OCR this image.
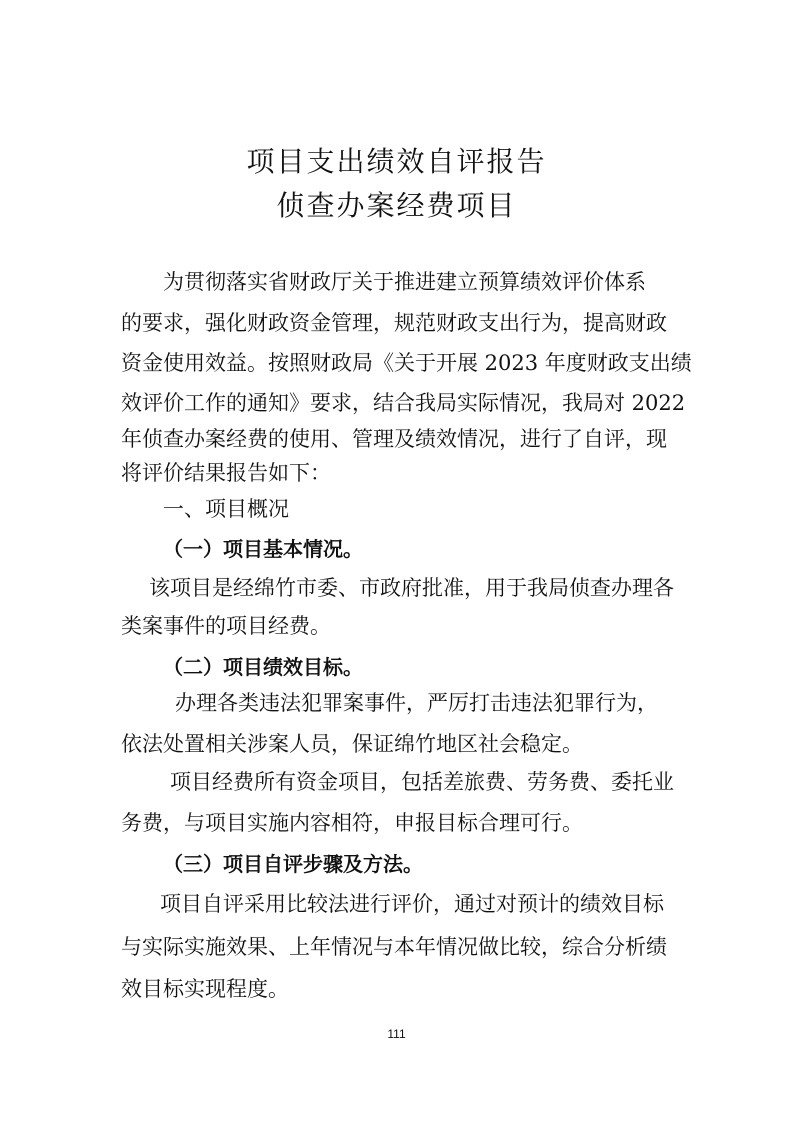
项目支出绩效自评报告
侦查办案经费项目

为贯彻落实省财政厅关于推进建立预算绩效评价体系

的要求，强化财政资金管理，规范财政支出行为，提高财政

资金使用效益。按照财政局《关于开展 2023 年度财政支出绩

效评价工作的通知》要求，结合我局实际情况，我局对 2022

年侦查办案经费的使用、管理及绩效情况，进行了自评，现

将评价结果报告如下：

一、项目概况

（一）项目基本情况。

该项目是经绵竹市委、市政府批准，用于我局侦查办理各

类案事件的项目经费。

（二）项目绩效目标。

办理各类违法犯罪案事件，严厉打击违法犯罪行为，

依法处置相关涉案人员，保证绵竹地区社会稳定。

项目经费所有资金项目，包括差旅费、劳务费、委托业

务费，与项目实施内容相符，申报目标合理可行。

（三）项目自评步骤及方法。

项目自评采用比较法进行评价，通过对预计的绩效目标

与实际实施效果、上年情况与本年情况做比较，综合分析绩

效目标实现程度。

111
